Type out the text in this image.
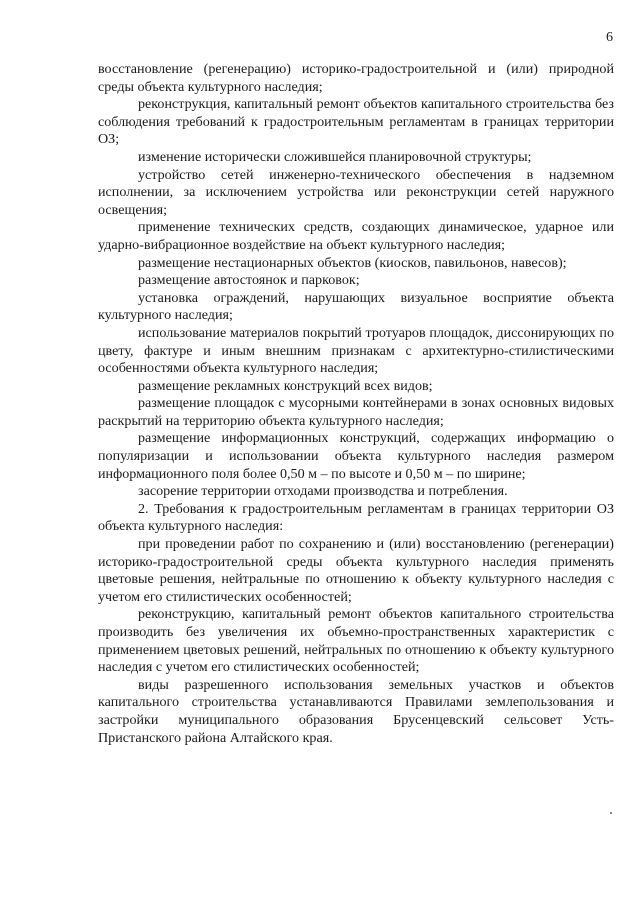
6

восстановление (регенерацию) историко-градостроительной и (или) природной среды объекта культурного наследия;

реконструкция, капитальный ремонт объектов капитального строительства без соблюдения требований к градостроительным регламентам в границах территории ОЗ;

изменение исторически сложившейся планировочной структуры;

устройство сетей инженерно-технического обеспечения в надземном исполнении, за исключением устройства или реконструкции сетей наружного освещения;

применение технических средств, создающих динамическое, ударное или ударно-вибрационное воздействие на объект культурного наследия;

размещение нестационарных объектов (киосков, павильонов, навесов);

размещение автостоянок и парковок;

установка ограждений, нарушающих визуальное восприятие объекта культурного наследия;

использование материалов покрытий тротуаров площадок, диссонирующих по цвету, фактуре и иным внешним признакам с архитектурно-стилистическими особенностями объекта культурного наследия;

размещение рекламных конструкций всех видов;

размещение площадок с мусорными контейнерами в зонах основных видовых раскрытий на территорию объекта культурного наследия;

размещение информационных конструкций, содержащих информацию о популяризации и использовании объекта культурного наследия размером информационного поля более 0,50 м – по высоте и 0,50 м – по ширине;

засорение территории отходами производства и потребления.

2. Требования к градостроительным регламентам в границах территории ОЗ объекта культурного наследия:

при проведении работ по сохранению и (или) восстановлению (регенерации) историко-градостроительной среды объекта культурного наследия применять цветовые решения, нейтральные по отношению к объекту культурного наследия с учетом его стилистических особенностей;

реконструкцию, капитальный ремонт объектов капитального строительства производить без увеличения их объемно-пространственных характеристик с применением цветовых решений, нейтральных по отношению к объекту культурного наследия с учетом его стилистических особенностей;

виды разрешенного использования земельных участков и объектов капитального строительства устанавливаются Правилами землепользования и застройки муниципального образования Брусенцевский сельсовет Усть-Пристанского района Алтайского края.
